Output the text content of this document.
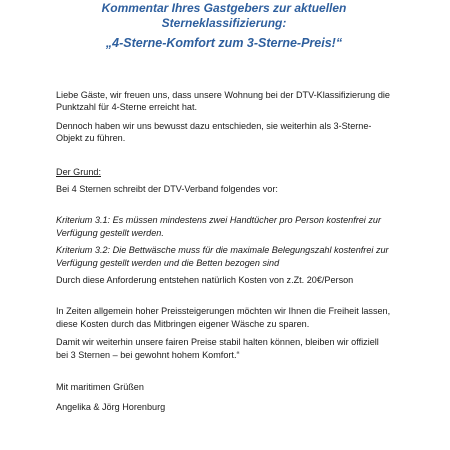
Kommentar Ihres Gastgebers zur aktuellen
Sterneklassifizierung:
„4-Sterne-Komfort zum 3-Sterne-Preis!“

Liebe Gäste, wir freuen uns, dass unsere Wohnung bei der DTV-Klassifizierung die Punktzahl für 4-Sterne erreicht hat.

Dennoch haben wir uns bewusst dazu entschieden, sie weiterhin als 3-Sterne-Objekt zu führen.

Der Grund:

Bei 4 Sternen schreibt der DTV-Verband folgendes vor:

Kriterium 3.1: Es müssen mindestens zwei Handtücher pro Person kostenfrei zur Verfügung gestellt werden.

Kriterium 3.2: Die Bettwäsche muss für die maximale Belegungszahl kostenfrei zur Verfügung gestellt werden und die Betten bezogen sind

Durch diese Anforderung entstehen natürlich Kosten von z.Zt. 20€/Person

In Zeiten allgemein hoher Preissteigerungen möchten wir Ihnen die Freiheit lassen, diese Kosten durch das Mitbringen eigener Wäsche zu sparen.

Damit wir weiterhin unsere fairen Preise stabil halten können, bleiben wir offiziell bei 3 Sternen – bei gewohnt hohem Komfort.“

Mit maritimen Grüßen

Angelika & Jörg Horenburg
